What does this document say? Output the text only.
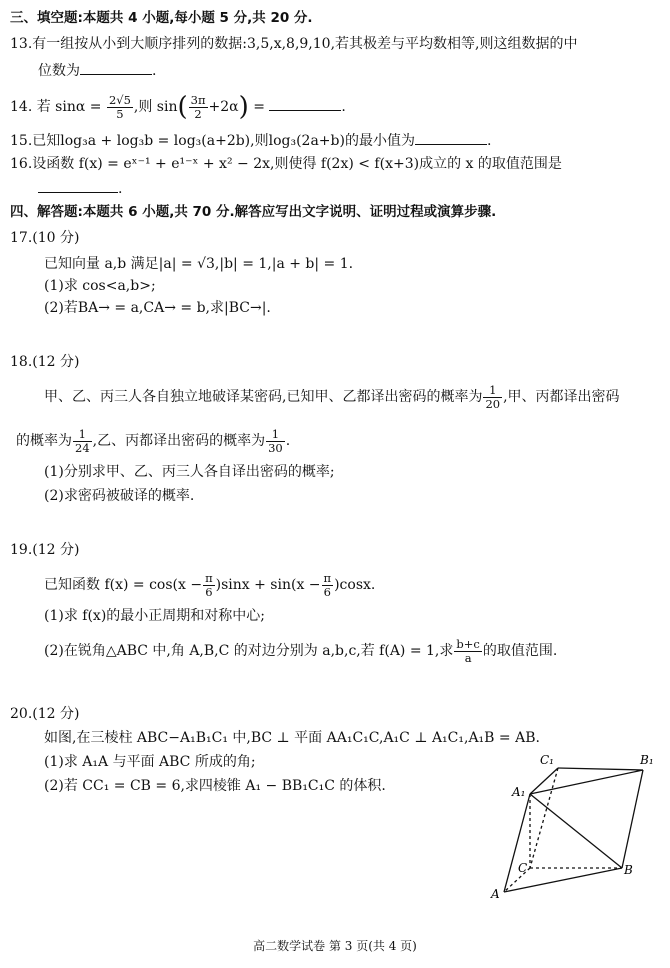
三、填空题:本题共 4 小题,每小题 5 分,共 20 分.
13.有一组按从小到大顺序排列的数据:3,5,x,8,9,10,若其极差与平均数相等,则这组数据的中
位数为	.
14. 若 $\sin\alpha = \frac{2√5}{5}$ ,则 $\sin( \frac{3\pi}{2} +2\alpha)$ =	.
15.已知log₃a + log₃b = log₃(a+2b),则log₃(2a+b)的最小值为	.
16.设函数 f(x) = eˣ⁻¹ + e¹⁻ˣ + x² − 2x,则使得 f(2x) < f(x+3)成立的 x 的取值范围是
.
四、解答题:本题共 6 小题,共 70 分.解答应写出文字说明、证明过程或演算步骤.
17.(10 分)
已知向量 a,b 满足|a| = √3,|b| = 1,|a + b| = 1.
(1)求 cos<a,b>;
(2)若BA→ = a,CA→ = b,求|BC→|.
18.(12 分)
甲、乙、丙三人各自独立地破译某密码,已知甲、乙都译出密码的概率为 $\frac{1}{20}$ ,甲、丙都译出密码
的概率为 $\frac{1}{24}$ ,乙、丙都译出密码的概率为 $\frac{1}{30}$ .
(1)分别求甲、乙、丙三人各自译出密码的概率;
(2)求密码被破译的概率.
19.(12 分)
已知函数 $f(x) = \cos(x - \frac{\pi}{6} )\sin x + \sin(x - \frac{\pi}{6} )\cos x$.
(1)求 f(x)的最小正周期和对称中心;
(2)在锐角△ABC 中,角 A,B,C 的对边分别为 a,b,c,若 f(A) = 1,求 $\frac{b+c}{a}$ 的取值范围.
20.(12 分)
如图,在三棱柱 ABC−A₁B₁C₁ 中,BC ⊥ 平面 AA₁C₁C,A₁C ⊥ A₁C₁,A₁B = AB.
(1)求 A₁A 与平面 ABC 所成的角;
(2)若 CC₁ = CB = 6,求四棱锥 A₁ − BB₁C₁C 的体积.
C₁	B₁
A₁
C	B
A
高二数学试卷 第 3 页(共 4 页)
